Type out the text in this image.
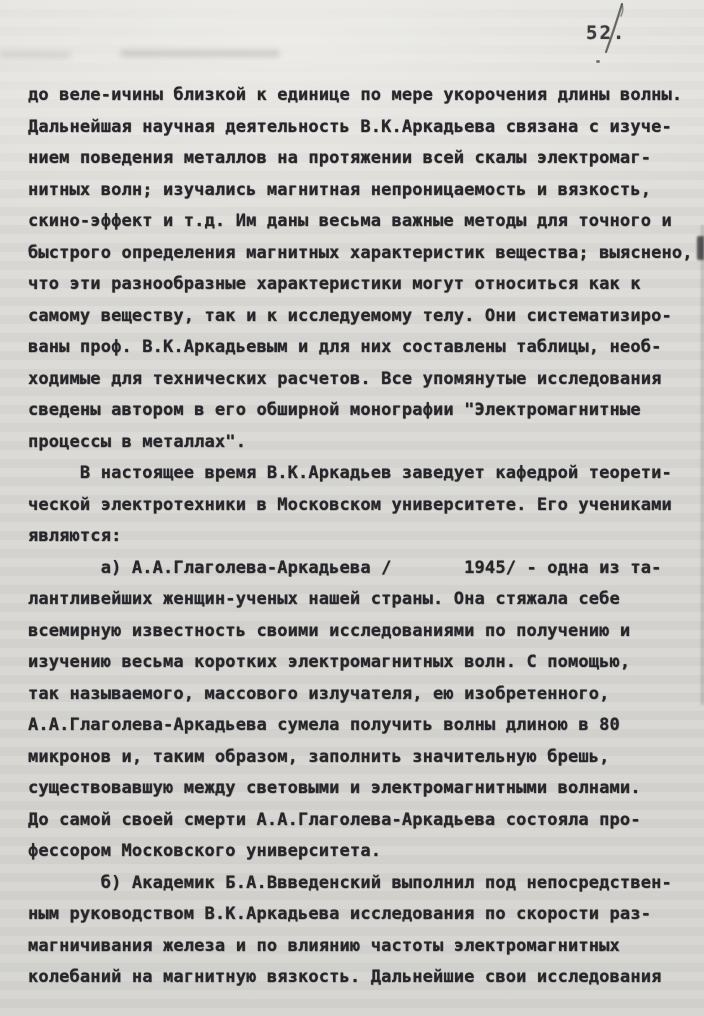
52.
до веле-ичины близкой к единице по мере укорочения длины волны.
Дальнейшая научная деятельность В.К.Аркадьева связана с изуче-
нием поведения металлов на протяжении всей скалы электромаг-
нитных волн; изучались магнитная непроницаемость и вязкость,
скино-эффект и т.д. Им даны весьма важные методы для точного и
быстрого определения магнитных характеристик вещества; выяснено,
что эти разнообразные характеристики могут относиться как к
самому веществу, так и к исследуемому телу. Они систематизиро-
ваны проф. В.К.Аркадьевым и для них составлены таблицы, необ-
ходимые для технических расчетов. Все упомянутые исследования
сведены автором в его обширной монографии "Электромагнитные
процессы в металлах".
В настоящее время В.К.Аркадьев заведует кафедрой теорети-
ческой электротехники в Московском университете. Его учениками
являются:
а) А.А.Глаголева-Аркадьева /       1945/ - одна из та-
лантливейших женщин-ученых нашей страны. Она стяжала себе
всемирную известность своими исследованиями по получению и
изучению весьма коротких электромагнитных волн. С помощью,
так называемого, массового излучателя, ею изобретенного,
А.А.Глаголева-Аркадьева сумела получить волны длиною в 80
микронов и, таким образом, заполнить значительную брешь,
существовавшую между световыми и электромагнитными волнами.
До самой своей смерти А.А.Глаголева-Аркадьева состояла про-
фессором Московского университета.
б) Академик Б.А.Ввведенский выполнил под непосредствен-
ным руководством В.К.Аркадьева исследования по скорости раз-
магничивания железа и по влиянию частоты электромагнитных
колебаний на магнитную вязкость. Дальнейшие свои исследования
